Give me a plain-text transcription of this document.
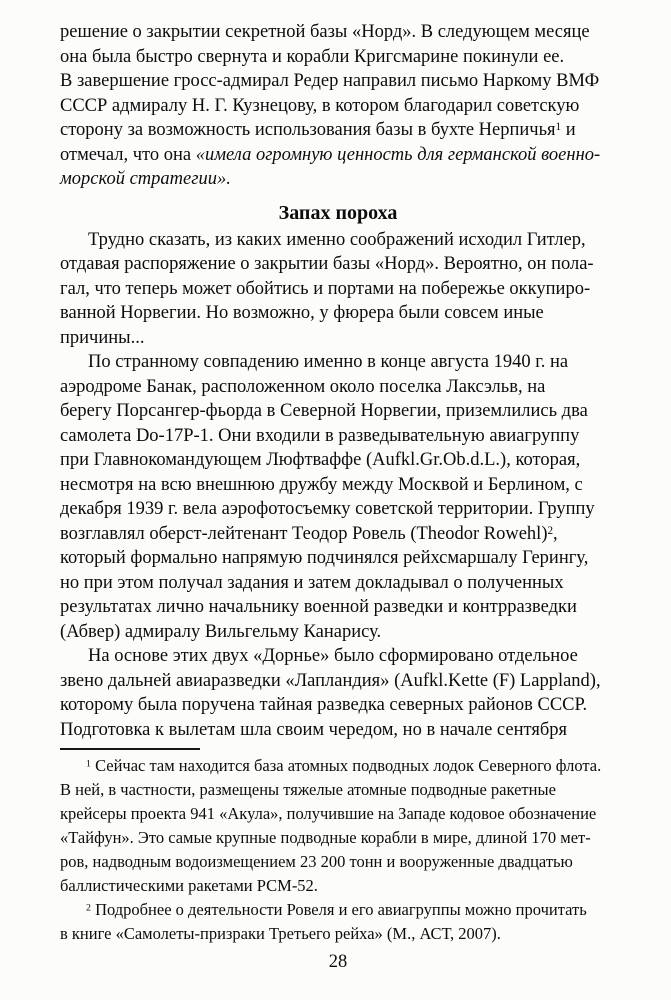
решение о закрытии секретной базы «Норд». В следующем месяце
она была быстро свернута и корабли Кригсмарине покинули ее.
В завершение гросс-адмирал Редер направил письмо Наркому ВМФ
СССР адмиралу Н. Г. Кузнецову, в котором благодарил советскую
сторону за возможность использования базы в бухте Нерпичья$^1$ и
отмечал, что она «имела огромную ценность для германской военно-
морской стратегии».
Запах пороха
Трудно сказать, из каких именно соображений исходил Гитлер,
отдавая распоряжение о закрытии базы «Норд». Вероятно, он пола-
гал, что теперь может обойтись и портами на побережье оккупиро-
ванной Норвегии. Но возможно, у фюрера были совсем иные
причины...
По странному совпадению именно в конце августа 1940 г. на
аэродроме Банак, расположенном около поселка Лаксэльв, на
берегу Порсангер-фьорда в Северной Норвегии, приземлились два
самолета Do-17P-1. Они входили в разведывательную авиагруппу
при Главнокомандующем Люфтваффе (Aufkl.Gr.Ob.d.L.), которая,
несмотря на всю внешнюю дружбу между Москвой и Берлином, с
декабря 1939 г. вела аэрофотосъемку советской территории. Группу
возглавлял оберст-лейтенант Теодор Ровель (Theodor Rowehl)$^2$,
который формально напрямую подчинялся рейхсмаршалу Герингу,
но при этом получал задания и затем докладывал о полученных
результатах лично начальнику военной разведки и контрразведки
(Абвер) адмиралу Вильгельму Канарису.
На основе этих двух «Дорнье» было сформировано отдельное
звено дальней авиаразведки «Лапландия» (Aufkl.Kette (F) Lappland),
которому была поручена тайная разведка северных районов СССР.
Подготовка к вылетам шла своим чередом, но в начале сентября
$^1$ Сейчас там находится база атомных подводных лодок Северного флота.
В ней, в частности, размещены тяжелые атомные подводные ракетные
крейсеры проекта 941 «Акула», получившие на Западе кодовое обозначение
«Тайфун». Это самые крупные подводные корабли в мире, длиной 170 мет-
ров, надводным водоизмещением 23 200 тонн и вооруженные двадцатью
баллистическими ракетами РСМ-52.
$^2$ Подробнее о деятельности Ровеля и его авиагруппы можно прочитать
в книге «Самолеты-призраки Третьего рейха» (М., АСТ, 2007).
28
